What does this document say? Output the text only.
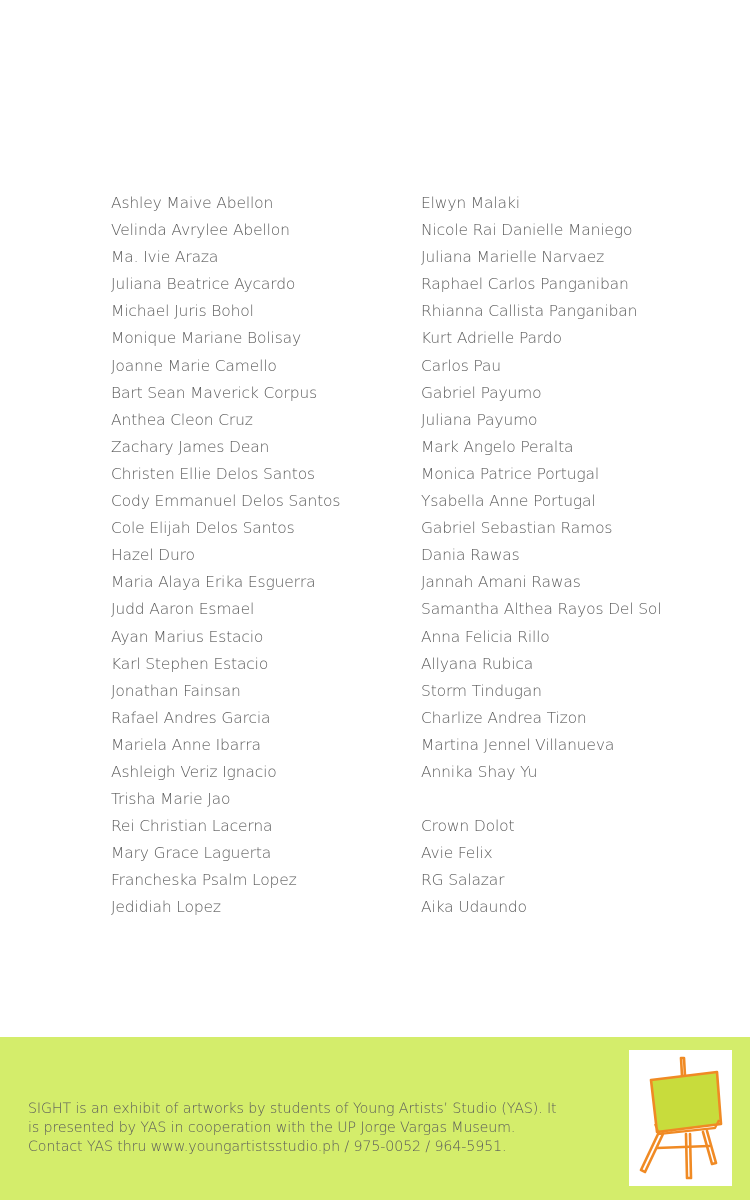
Ashley Maive Abellon
Velinda Avrylee Abellon
Ma. Ivie Araza
Juliana Beatrice Aycardo
Michael Juris Bohol
Monique Mariane Bolisay
Joanne Marie Camello
Bart Sean Maverick Corpus
Anthea Cleon Cruz
Zachary James Dean
Christen Ellie Delos Santos
Cody Emmanuel Delos Santos
Cole Elijah Delos Santos
Hazel Duro
Maria Alaya Erika Esguerra
Judd Aaron Esmael
Ayan Marius Estacio
Karl Stephen Estacio
Jonathan Fainsan
Rafael Andres Garcia
Mariela Anne Ibarra
Ashleigh Veriz Ignacio
Trisha Marie Jao
Rei Christian Lacerna
Mary Grace Laguerta
Francheska Psalm Lopez
Jedidiah Lopez
Elwyn Malaki
Nicole Rai Danielle Maniego
Juliana Marielle Narvaez
Raphael Carlos Panganiban
Rhianna Callista Panganiban
Kurt Adrielle Pardo
Carlos Pau
Gabriel Payumo
Juliana Payumo
Mark Angelo Peralta
Monica Patrice Portugal
Ysabella Anne Portugal
Gabriel Sebastian Ramos
Dania Rawas
Jannah Amani Rawas
Samantha Althea Rayos Del Sol
Anna Felicia Rillo
Allyana Rubica
Storm Tindugan
Charlize Andrea Tizon
Martina Jennel Villanueva
Annika Shay Yu
Crown Dolot
Avie Felix
RG Salazar
Aika Udaundo
SIGHT is an exhibit of artworks by students of Young Artists’ Studio (YAS). It
is presented by YAS in cooperation with the UP Jorge Vargas Museum.
Contact YAS thru www.youngartistsstudio.ph / 975-0052 / 964-5951.
